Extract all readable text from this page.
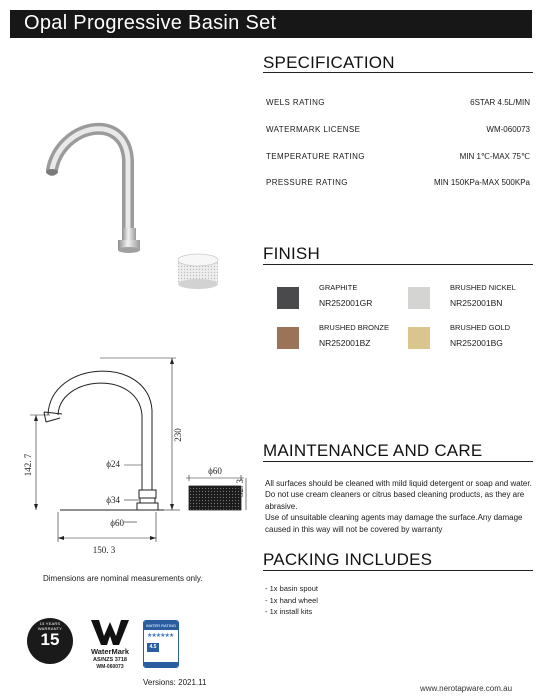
Opal Progressive Basin Set
230
142. 7	ϕ24
ϕ34
ϕ60
150. 3
ϕ60
32. 3
Dimensions are nominal measurements only.
SPECIFICATION
WELS RATING	6STAR 4.5L/MIN
WATERMARK LICENSE	WM-060073
TEMPERATURE RATING	MIN 1℃-MAX 75℃
PRESSURE RATING	MIN 150KPa-MAX 500KPa
FINISH
GRAPHITE
NR252001GR
BRUSHED NICKEL
NR252001BN
BRUSHED BRONZE
NR252001BZ
BRUSHED GOLD
NR252001BG
MAINTENANCE AND CARE

All surfaces should be cleaned with mild liquid detergent or soap and water.

Do not use cream cleaners or citrus based cleaning products, as they are abrasive.

Use of unsuitable cleaning agents may damage the surface.Any damage caused in this way will not be covered by warranty

PACKING INCLUDES
- 1x basin spout
- 1x hand wheel
- 1x install kits
15 YEARS WARRANTY
15
WaterMark
AS/NZS 3718
WM-060073
WATER RATING
★★★★★★
4.5
Versions: 2021.11
www.nerotapware.com.au
